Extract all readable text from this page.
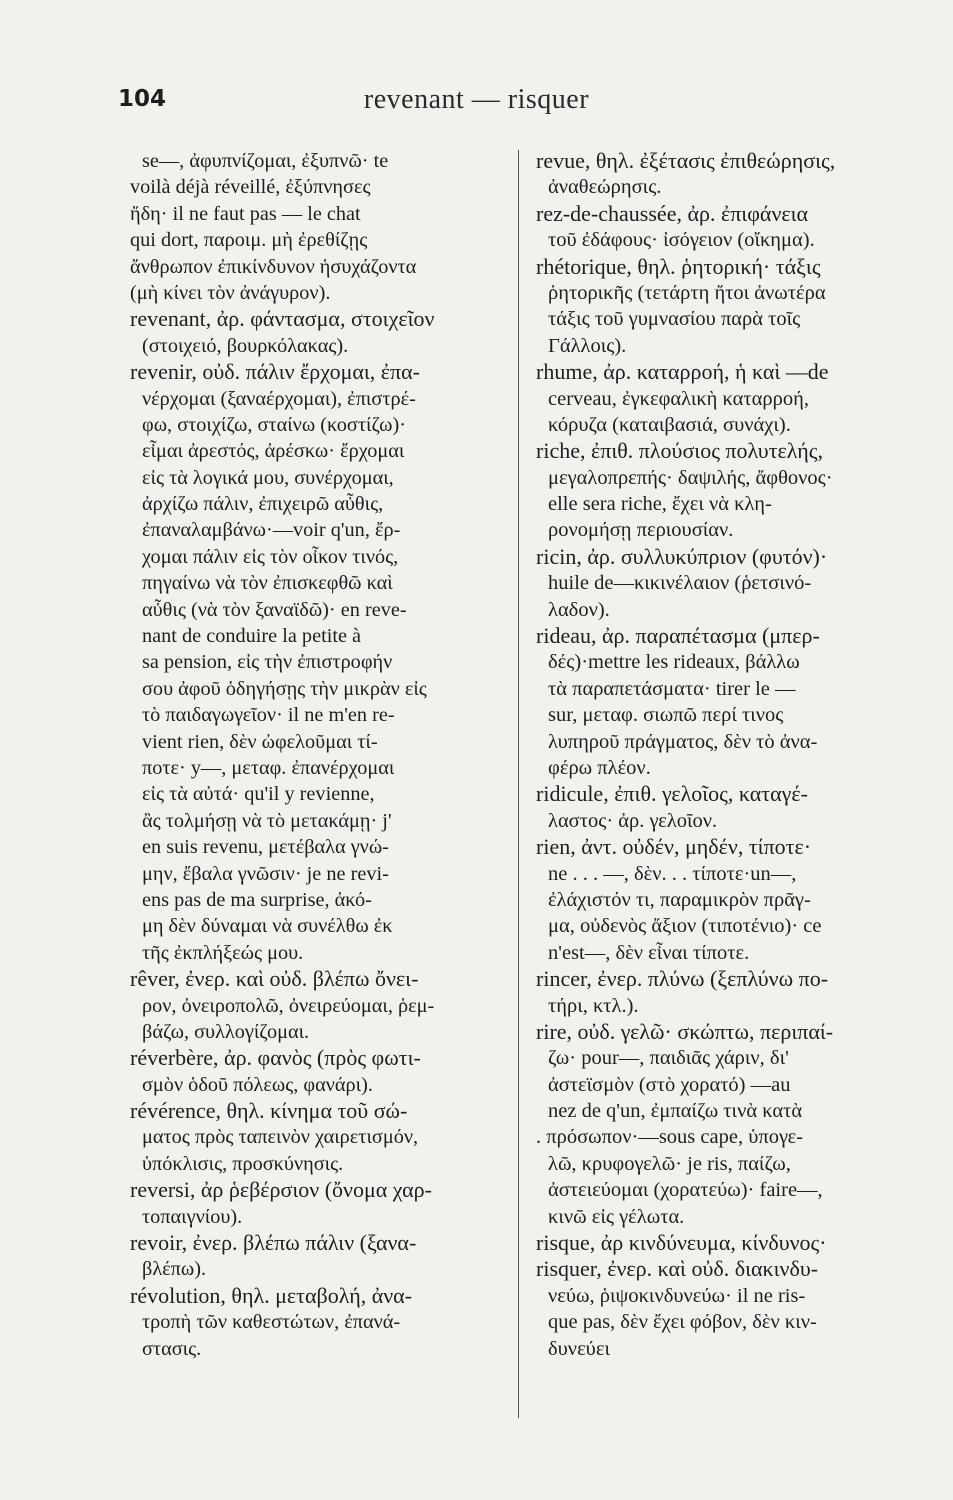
104	revenant — risquer
se—, ἀφυπνίζομαι, ἐξυπνῶ· te
voilà déjà réveillé, ἐξύπνησες
ἤδη· il ne faut pas — le chat
qui dort, παροιμ. μὴ ἐρεθίζῃς
ἄνθρωπον ἐπικίνδυνον ἡσυχάζοντα
(μὴ κίνει τὸν ἀνάγυρον).
revenant, ἀρ. φάντασμα, στοιχεῖον
(στοιχειό, βουρκόλακας).
revenir, οὐδ. πάλιν ἔρχομαι, ἐπα-
νέρχομαι (ξαναέρχομαι), ἐπιστρέ-
φω, στοιχίζω, σταίνω (κοστίζω)·
εἶμαι ἀρεστός, ἀρέσκω· ἔρχομαι
εἰς τὰ λογικά μου, συνέρχομαι,
ἀρχίζω πάλιν, ἐπιχειρῶ αὖθις,
ἐπαναλαμβάνω·—voir q'un, ἔρ-
χομαι πάλιν εἰς τὸν οἶκον τινός,
πηγαίνω νὰ τὸν ἐπισκεφθῶ καὶ
αὖθις (νὰ τὸν ξαναϊδῶ)· en reve-
nant de conduire la petite à
sa pension, εἰς τὴν ἐπιστροφήν
σου ἀφοῦ ὁδηγήσῃς τὴν μικρὰν εἰς
τὸ παιδαγωγεῖον· il ne m'en re-
vient rien, δὲν ὠφελοῦμαι τί-
ποτε· y—, μεταφ. ἐπανέρχομαι
εἰς τὰ αὐτά· qu'il y revienne,
ἂς τολμήσῃ νὰ τὸ μετακάμῃ· j'
en suis revenu, μετέβαλα γνώ-
μην, ἔβαλα γνῶσιν· je ne revi-
ens pas de ma surprise, ἀκό-
μη δὲν δύναμαι νὰ συνέλθω ἐκ
τῆς ἐκπλήξεώς μου.
rêver, ἐνερ. καὶ οὐδ. βλέπω ὄνει-
ρον, ὀνειροπολῶ, ὀνειρεύομαι, ῥεμ-
βάζω, συλλογίζομαι.
réverbère, ἀρ. φανὸς (πρὸς φωτι-
σμὸν ὁδοῦ πόλεως, φανάρι).
révérence, θηλ. κίνημα τοῦ σώ-
ματος πρὸς ταπεινὸν χαιρετισμόν,
ὑπόκλισις, προσκύνησις.
reversi, ἀρ ῥεβέρσιον (ὄνομα χαρ-
τοπαιγνίου).
revoir, ἐνερ. βλέπω πάλιν (ξανα-
βλέπω).
révolution, θηλ. μεταβολή, ἀνα-
τροπὴ τῶν καθεστώτων, ἐπανά-
στασις.
revue, θηλ. ἐξέτασις ἐπιθεώρησις,
ἀναθεώρησις.
rez-de-chaussée, ἀρ. ἐπιφάνεια
τοῦ ἐδάφους· ἰσόγειον (οἴκημα).
rhétorique, θηλ. ῥητορική· τάξις
ῥητορικῆς (τετάρτη ἤτοι ἀνωτέρα
τάξις τοῦ γυμνασίου παρὰ τοῖς
Γάλλοις).
rhume, ἀρ. καταρροή, ἡ καὶ —de
cerveau, ἐγκεφαλικὴ καταρροή,
κόρυζα (καταιβασιά, συνάχι).
riche, ἐπιθ. πλούσιος πολυτελής,
μεγαλοπρεπής· δαψιλής, ἄφθονος·
elle sera riche, ἔχει νὰ κλη-
ρονομήσῃ περιουσίαν.
ricin, ἀρ. συλλυκύπριον (φυτόν)·
huile de—κικινέλαιον (ῥετσινό-
λαδον).
rideau, ἀρ. παραπέτασμα (μπερ-
δές)·mettre les rideaux, βάλλω
τὰ παραπετάσματα· tirer le —
sur, μεταφ. σιωπῶ περί τινος
λυπηροῦ πράγματος, δὲν τὸ ἀνα-
φέρω πλέον.
ridicule, ἐπιθ. γελοῖος, καταγέ-
λαστος· ἀρ. γελοῖον.
rien, ἀντ. οὐδέν, μηδέν, τίποτε·
ne . . . —, δὲν. . . τίποτε·un—,
ἐλάχιστόν τι, παραμικρὸν πρᾶγ-
μα, οὐδενὸς ἄξιον (τιποτένιο)· ce
n'est—, δὲν εἶναι τίποτε.
rincer, ἐνερ. πλύνω (ξεπλύνω πο-
τήρι, κτλ.).
rire, οὐδ. γελῶ· σκώπτω, περιπαί-
ζω· pour—, παιδιᾶς χάριν, δι'
ἀστεϊσμὸν (στὸ χορατό) —au
nez de q'un, ἐμπαίζω τινὰ κατὰ
. πρόσωπον·—sous cape, ὑπογε-
λῶ, κρυφογελῶ· je ris, παίζω,
ἀστειεύομαι (χορατεύω)· faire—,
κινῶ εἰς γέλωτα.
risque, ἀρ κινδύνευμα, κίνδυνος·
risquer, ἐνερ. καὶ οὐδ. διακινδυ-
νεύω, ῥιψοκινδυνεύω· il ne ris-
que pas, δὲν ἔχει φόβον, δὲν κιν-
δυνεύει
